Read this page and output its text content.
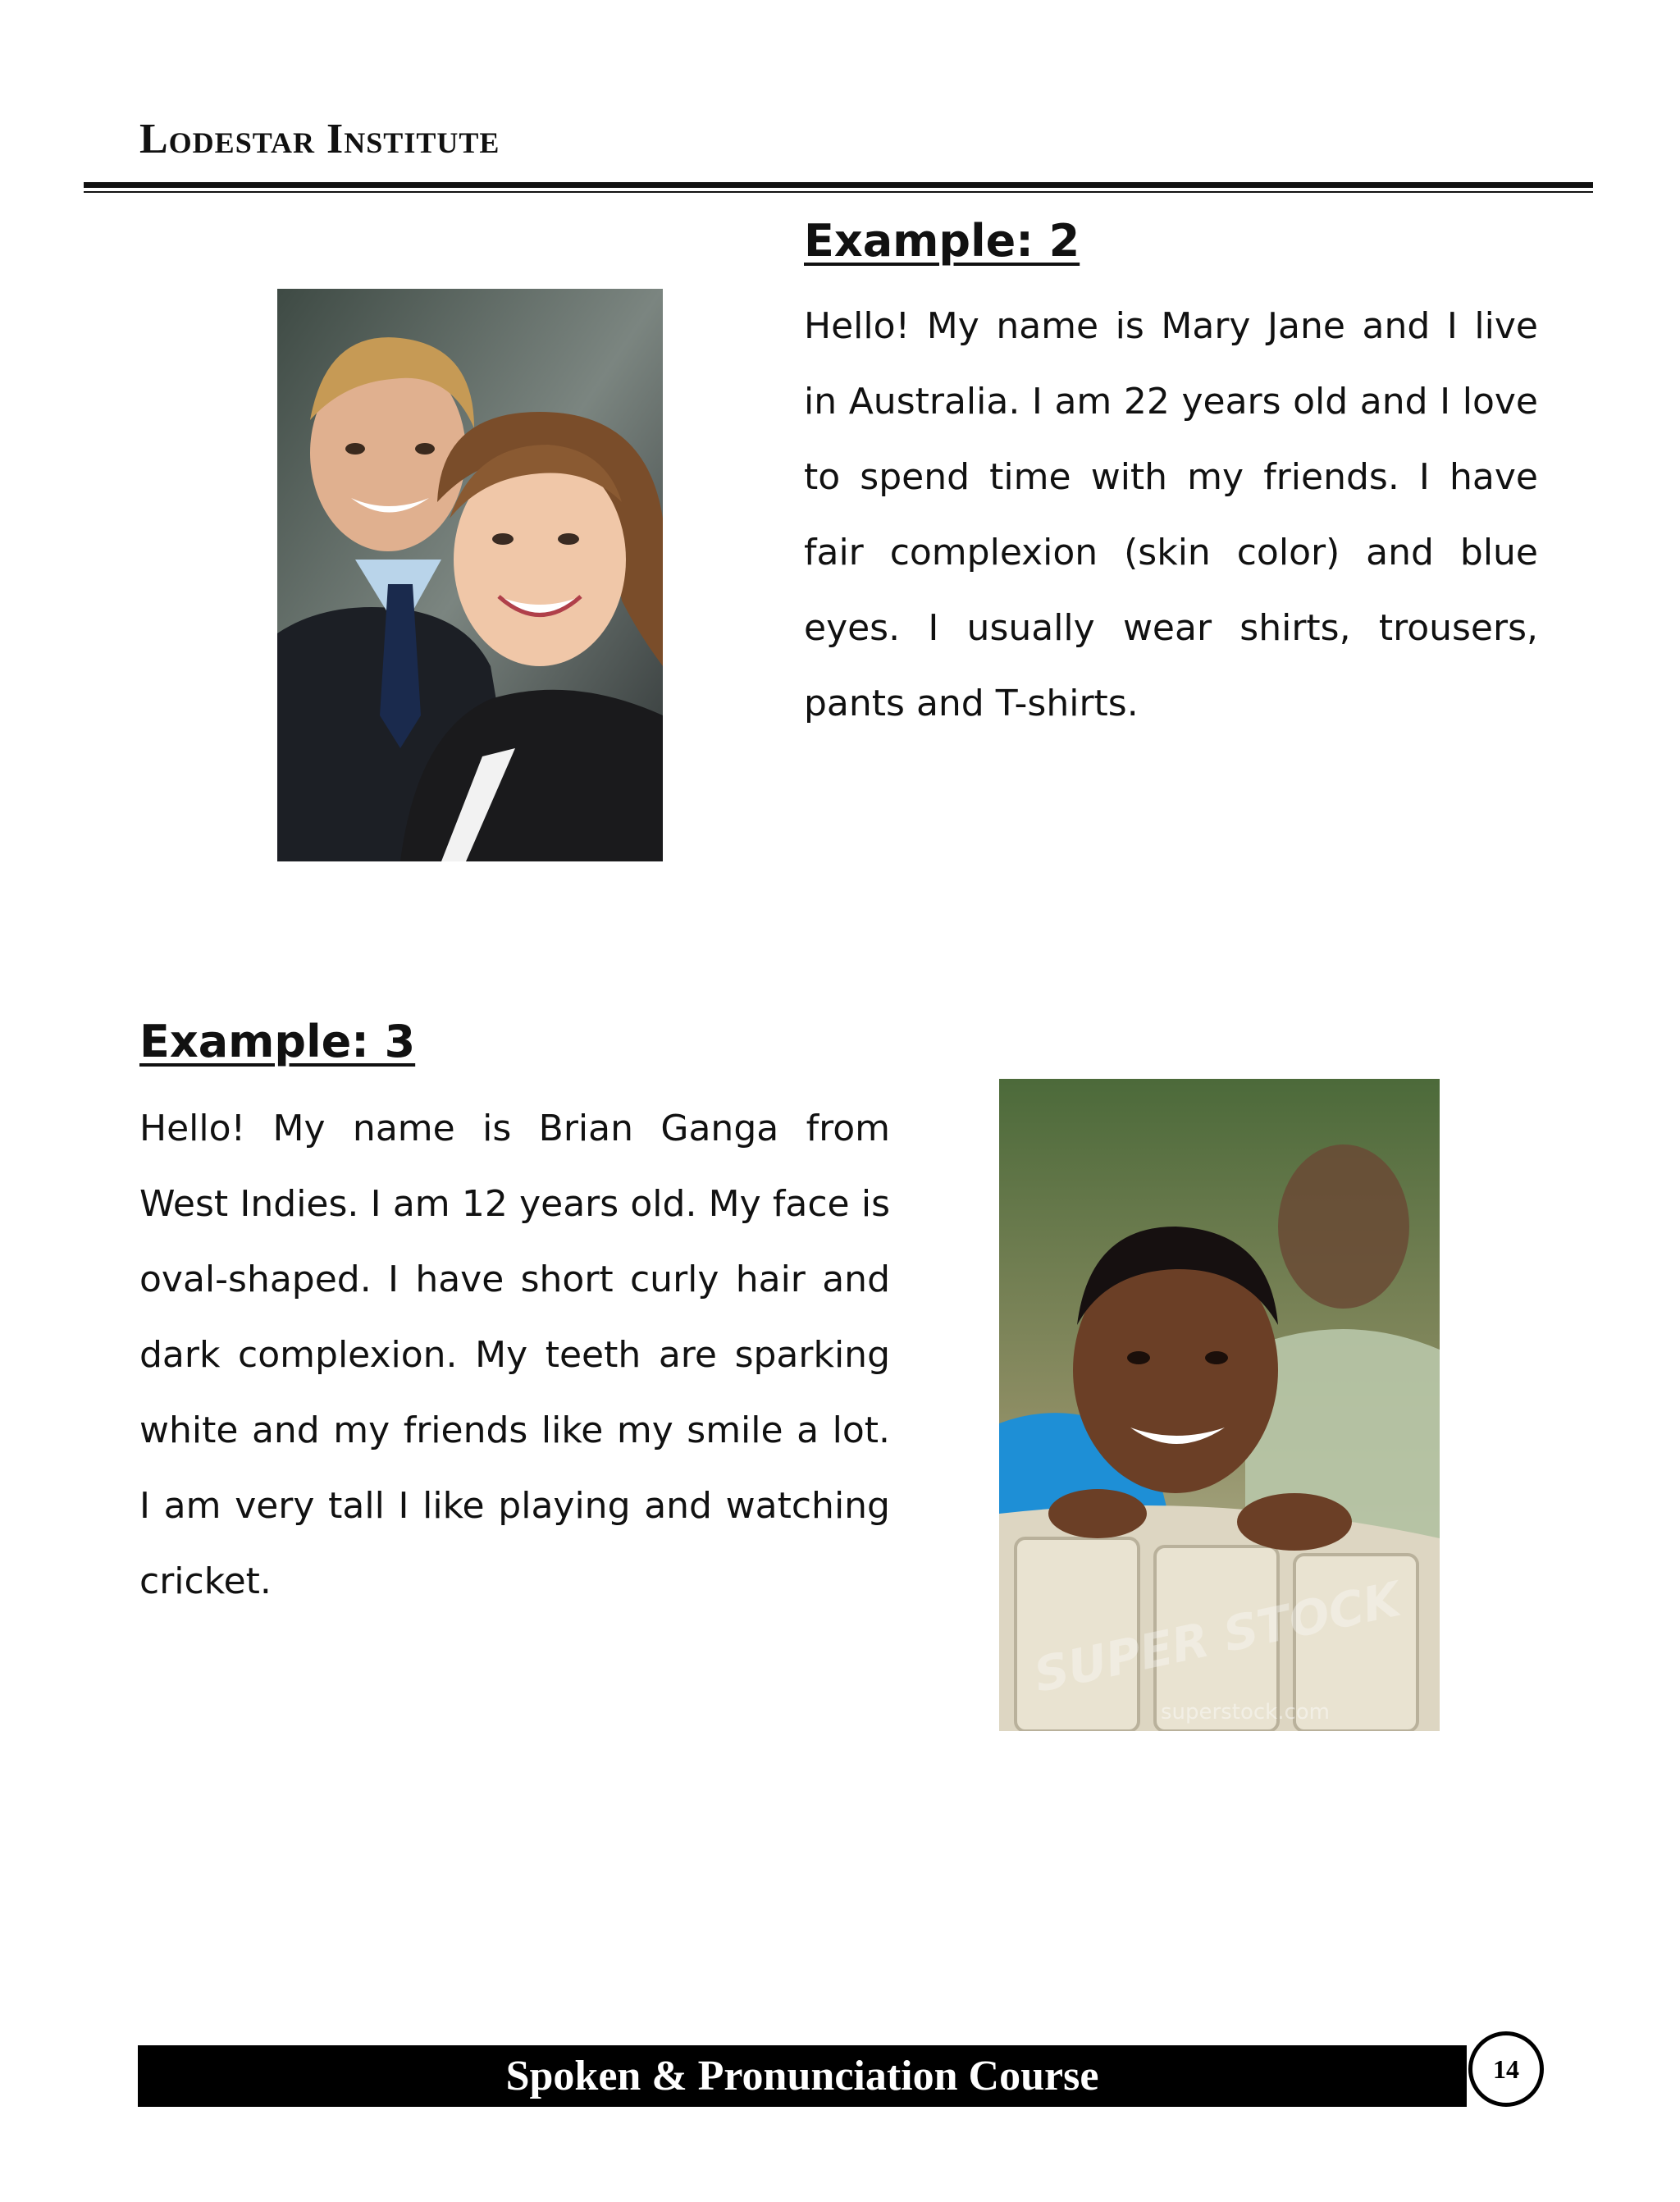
Lodestar Institute
Example: 2
Hello! My name is Mary Jane and I live in Australia. I am 22 years old and I love to spend time with my friends. I have fair complexion (skin color) and blue eyes. I usually wear shirts, trousers, pants and T-shirts.
Example: 3
Hello! My name is Brian Ganga from West Indies. I am 12 years old. My face is oval-shaped. I have short curly hair and dark complexion. My teeth are sparking white and my friends like my smile a lot. I am very tall I like playing and watching cricket.	SUPER STOCK
superstock.com
Spoken & Pronunciation Course	14
